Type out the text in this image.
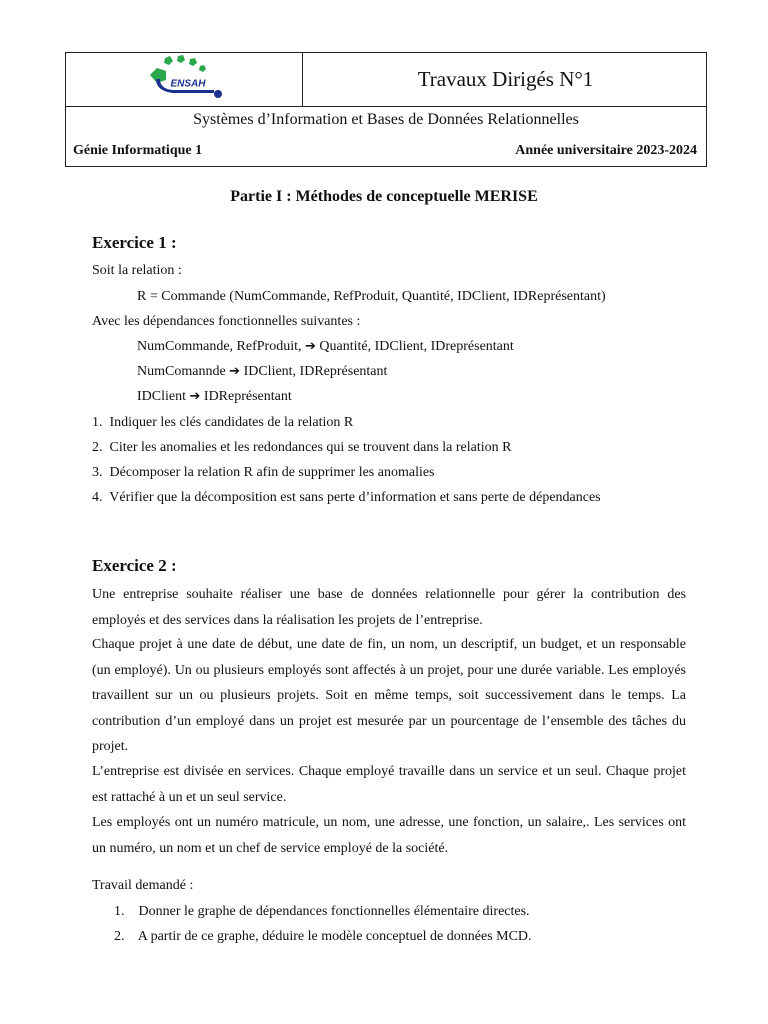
ENSAH	Travaux Dirigés N°1
Systèmes d’Information et Bases de Données Relationnelles
Génie Informatique 1	Année universitaire 2023-2024
Partie I : Méthodes de conceptuelle MERISE
Exercice 1 :
Soit la relation :
R = Commande (NumCommande, RefProduit, Quantité, IDClient, IDReprésentant)
Avec les dépendances fonctionnelles suivantes :
NumCommande, RefProduit, ➔ Quantité, IDClient, IDreprésentant
NumComannde ➔ IDClient, IDReprésentant
IDClient ➔ IDReprésentant
1. Indiquer les clés candidates de la relation R
2. Citer les anomalies et les redondances qui se trouvent dans la relation R
3. Décomposer la relation R afin de supprimer les anomalies
4. Vérifier que la décomposition est sans perte d’information et sans perte de dépendances
Exercice 2 :
Une entreprise souhaite réaliser une base de données relationnelle pour gérer la contribution des employés et des services dans la réalisation les projets de l’entreprise.
Chaque projet à une date de début, une date de fin, un nom, un descriptif, un budget, et un responsable (un employé). Un ou plusieurs employés sont affectés à un projet, pour une durée variable. Les employés travaillent sur un ou plusieurs projets. Soit en même temps, soit successivement dans le temps. La contribution d’un employé dans un projet est mesurée par un pourcentage de l’ensemble des tâches du projet.
L’entreprise est divisée en services. Chaque employé travaille dans un service et un seul. Chaque projet est rattaché à un et un seul service.
Les employés ont un numéro matricule, un nom, une adresse, une fonction, un salaire,. Les services ont un numéro, un nom et un chef de service employé de la société.
Travail demandé :
1. Donner le graphe de dépendances fonctionnelles élémentaire directes.
2. A partir de ce graphe, déduire le modèle conceptuel de données MCD.
